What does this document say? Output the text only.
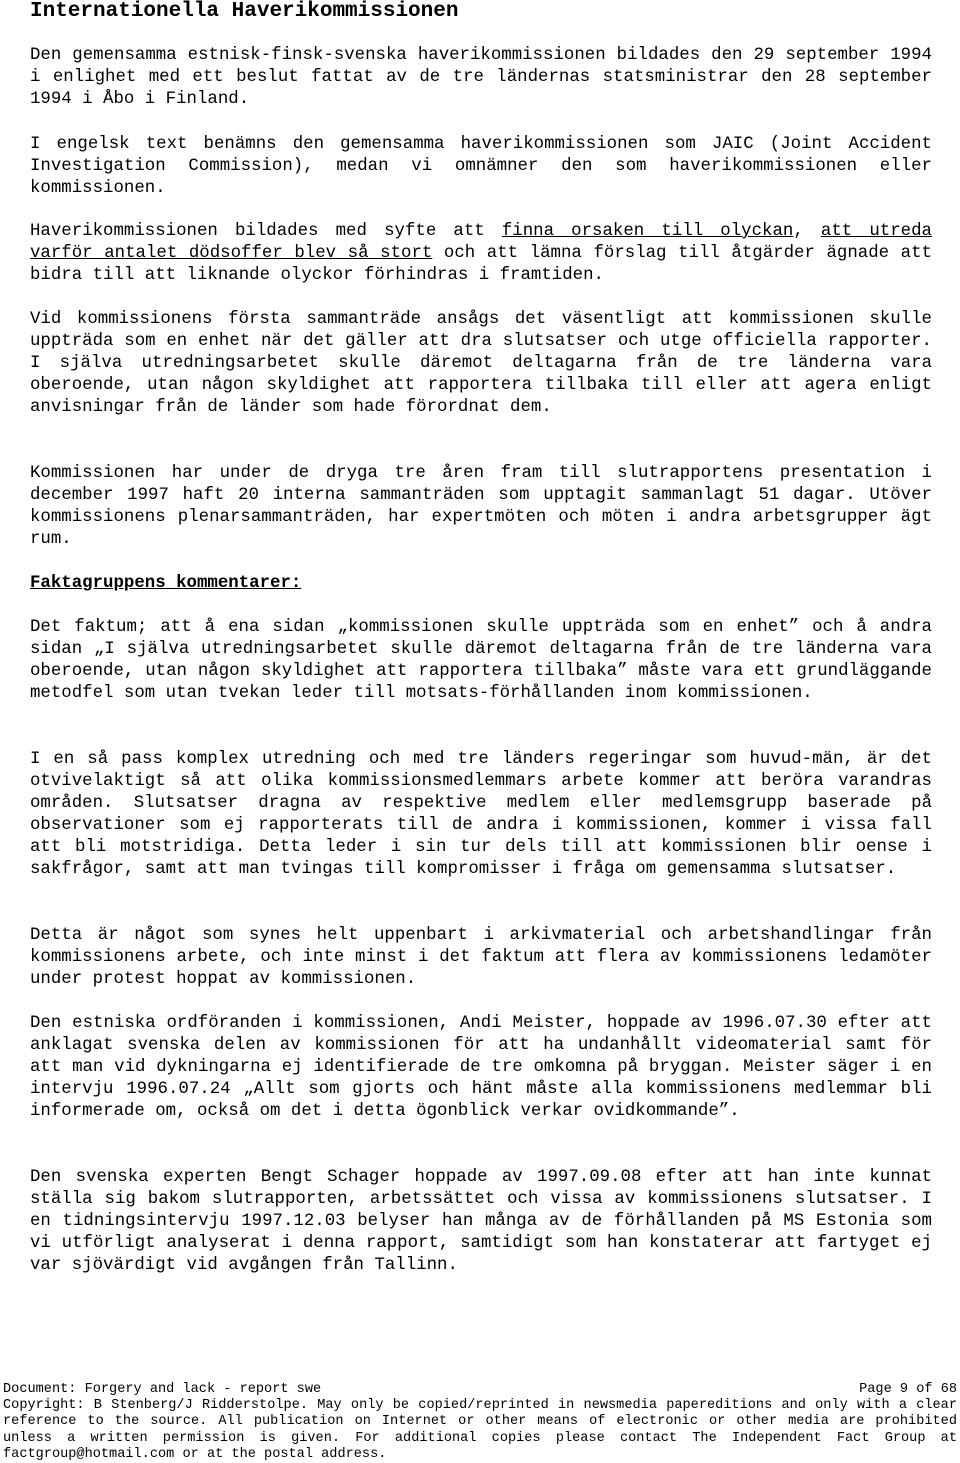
Internationella Haverikommissionen

Den gemensamma estnisk-finsk-svenska haverikommissionen bildades den 29 september 1994 i enlighet med ett beslut fattat av de tre ländernas statsministrar den 28 september 1994 i Åbo i Finland.

I engelsk text benämns den gemensamma haverikommissionen som JAIC (Joint Accident Investigation Commission), medan vi omnämner den som haverikommissionen eller kommissionen.

Haverikommissionen bildades med syfte att finna orsaken till olyckan, att utreda varför antalet dödsoffer blev så stort och att lämna förslag till åtgärder ägnade att bidra till att liknande olyckor förhindras i framtiden.

Vid kommissionens första sammanträde ansågs det väsentligt att kommissionen skulle uppträda som en enhet när det gäller att dra slutsatser och utge officiella rapporter. I själva utredningsarbetet skulle däremot deltagarna från de tre länderna vara oberoende, utan någon skyldighet att rapportera tillbaka till eller att agera enligt anvisningar från de länder som hade förordnat dem.

Kommissionen har under de dryga tre åren fram till slutrapportens presentation i december 1997 haft 20 interna sammanträden som upptagit sammanlagt 51 dagar. Utöver kommissionens plenarsammanträden, har expertmöten och möten i andra arbetsgrupper ägt rum.

Faktagruppens kommentarer:

Det faktum; att å ena sidan „kommissionen skulle uppträda som en enhet” och å andra sidan „I själva utredningsarbetet skulle däremot deltagarna från de tre länderna vara oberoende, utan någon skyldighet att rapportera tillbaka” måste vara ett grundläggande metodfel som utan tvekan leder till motsats-förhållanden inom kommissionen.

I en så pass komplex utredning och med tre länders regeringar som huvud-män, är det otvivelaktigt så att olika kommissionsmedlemmars arbete kommer att beröra varandras områden. Slutsatser dragna av respektive medlem eller medlemsgrupp baserade på observationer som ej rapporterats till de andra i kommissionen, kommer i vissa fall att bli motstridiga. Detta leder i sin tur dels till att kommissionen blir oense i sakfrågor, samt att man tvingas till kompromisser i fråga om gemensamma slutsatser.

Detta är något som synes helt uppenbart i arkivmaterial och arbetshandlingar från kommissionens arbete, och inte minst i det faktum att flera av kommissionens ledamöter under protest hoppat av kommissionen.

Den estniska ordföranden i kommissionen, Andi Meister, hoppade av 1996.07.30 efter att anklagat svenska delen av kommissionen för att ha undanhållt videomaterial samt för att man vid dykningarna ej identifierade de tre omkomna på bryggan. Meister säger i en intervju 1996.07.24 „Allt som gjorts och hänt måste alla kommissionens medlemmar bli informerade om, också om det i detta ögonblick verkar ovidkommande”.

Den svenska experten Bengt Schager hoppade av 1997.09.08 efter att han inte kunnat ställa sig bakom slutrapporten, arbetssättet och vissa av kommissionens slutsatser. I en tidningsintervju 1997.12.03 belyser han många av de förhållanden på MS Estonia som vi utförligt analyserat i denna rapport, samtidigt som han konstaterar att fartyget ej var sjövärdigt vid avgången från Tallinn.

Document: Forgery and lack - report swe	Page 9 of 68
Copyright: B Stenberg/J Ridderstolpe. May only be copied/reprinted in newsmedia papereditions and only with a clear reference to the source. All publication on Internet or other means of electronic or other media are prohibited unless a written permission is given. For additional copies please contact The Independent Fact Group at factgroup@hotmail.com or at the postal address.
